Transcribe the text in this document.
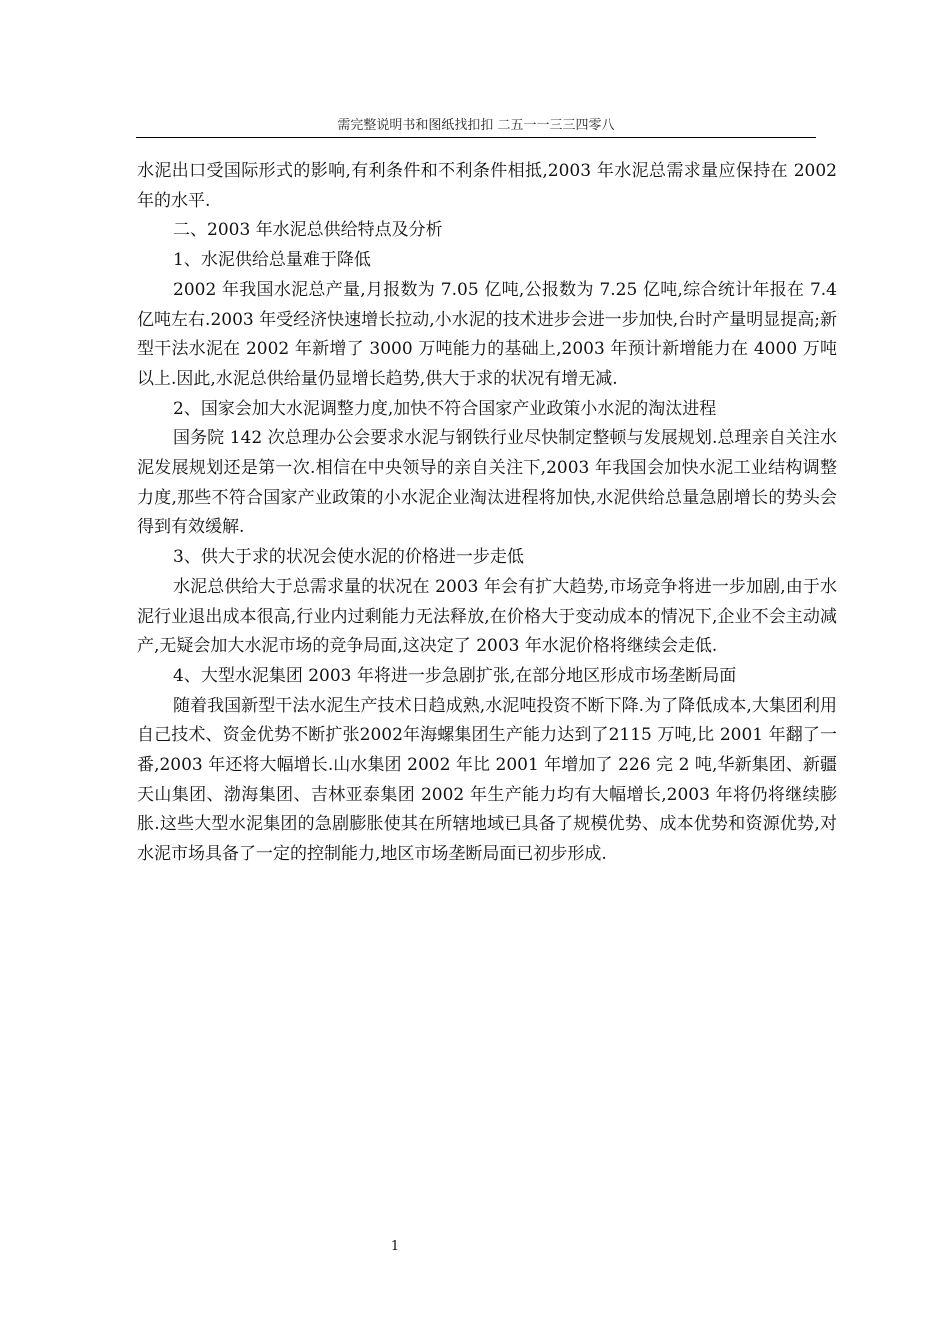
需完整说明书和图纸找扣扣 二五一一三三四零八

水泥出口受国际形式的影响,有利条件和不利条件相抵,2003 年水泥总需求量应保持在 2002 年的水平.

二、2003 年水泥总供给特点及分析

1、水泥供给总量难于降低

2002 年我国水泥总产量,月报数为 7.05 亿吨,公报数为 7.25 亿吨,综合统计年报在 7.4 亿吨左右.2003 年受经济快速增长拉动,小水泥的技术进步会进一步加快,台时产量明显提高;新型干法水泥在 2002 年新增了 3000 万吨能力的基础上,2003 年预计新增能力在 4000 万吨以上.因此,水泥总供给量仍显增长趋势,供大于求的状况有增无减.

2、国家会加大水泥调整力度,加快不符合国家产业政策小水泥的淘汰进程

国务院 142 次总理办公会要求水泥与钢铁行业尽快制定整顿与发展规划.总理亲自关注水泥发展规划还是第一次.相信在中央领导的亲自关注下,2003 年我国会加快水泥工业结构调整力度,那些不符合国家产业政策的小水泥企业淘汰进程将加快,水泥供给总量急剧增长的势头会得到有效缓解.

3、供大于求的状况会使水泥的价格进一步走低

水泥总供给大于总需求量的状况在 2003 年会有扩大趋势,市场竞争将进一步加剧,由于水泥行业退出成本很高,行业内过剩能力无法释放,在价格大于变动成本的情况下,企业不会主动减产,无疑会加大水泥市场的竞争局面,这决定了 2003 年水泥价格将继续会走低.

4、大型水泥集团 2003 年将进一步急剧扩张,在部分地区形成市场垄断局面

随着我国新型干法水泥生产技术日趋成熟,水泥吨投资不断下降.为了降低成本,大集团利用自己技术、资金优势不断扩张2002年海螺集团生产能力达到了2115 万吨,比 2001 年翻了一番,2003 年还将大幅增长.山水集团 2002 年比 2001 年增加了 226 完 2 吨,华新集团、新疆天山集团、渤海集团、吉林亚泰集团 2002 年生产能力均有大幅增长,2003 年将仍将继续膨胀.这些大型水泥集团的急剧膨胀使其在所辖地域已具备了规模优势、成本优势和资源优势,对水泥市场具备了一定的控制能力,地区市场垄断局面已初步形成.

1
